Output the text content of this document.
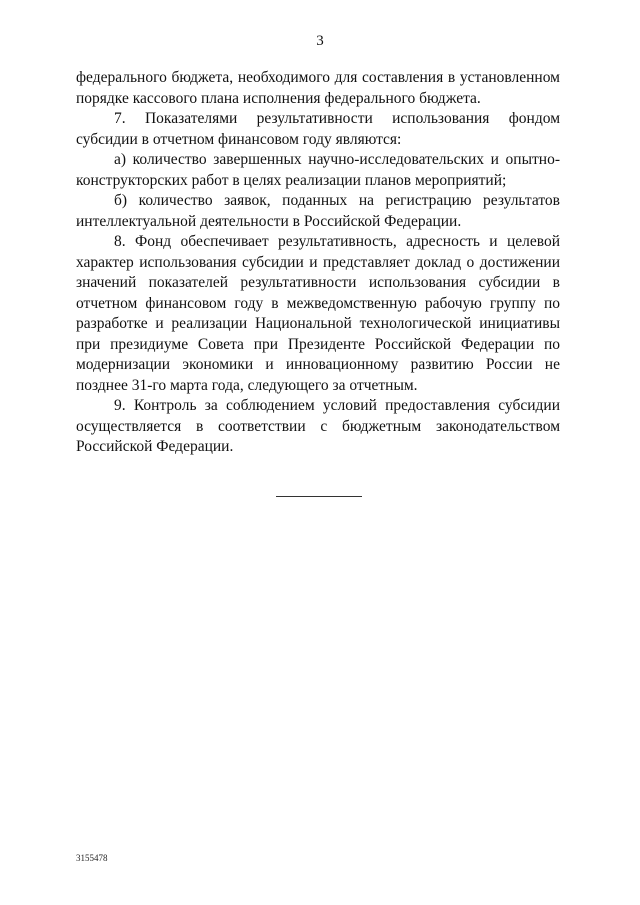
3

федерального бюджета, необходимого для составления в установленном порядке кассового плана исполнения федерального бюджета.

7. Показателями результативности использования фондом субсидии в отчетном финансовом году являются:

а) количество завершенных научно-исследовательских и опытно-конструкторских работ в целях реализации планов мероприятий;

б) количество заявок, поданных на регистрацию результатов интеллектуальной деятельности в Российской Федерации.

8. Фонд обеспечивает результативность, адресность и целевой характер использования субсидии и представляет доклад о достижении значений показателей результативности использования субсидии в отчетном финансовом году в межведомственную рабочую группу по разработке и реализации Национальной технологической инициативы при президиуме Совета при Президенте Российской Федерации по модернизации экономики и инновационному развитию России не позднее 31-го марта года, следующего за отчетным.

9. Контроль за соблюдением условий предоставления субсидии осуществляется в соответствии с бюджетным законодательством Российской Федерации.

3155478
